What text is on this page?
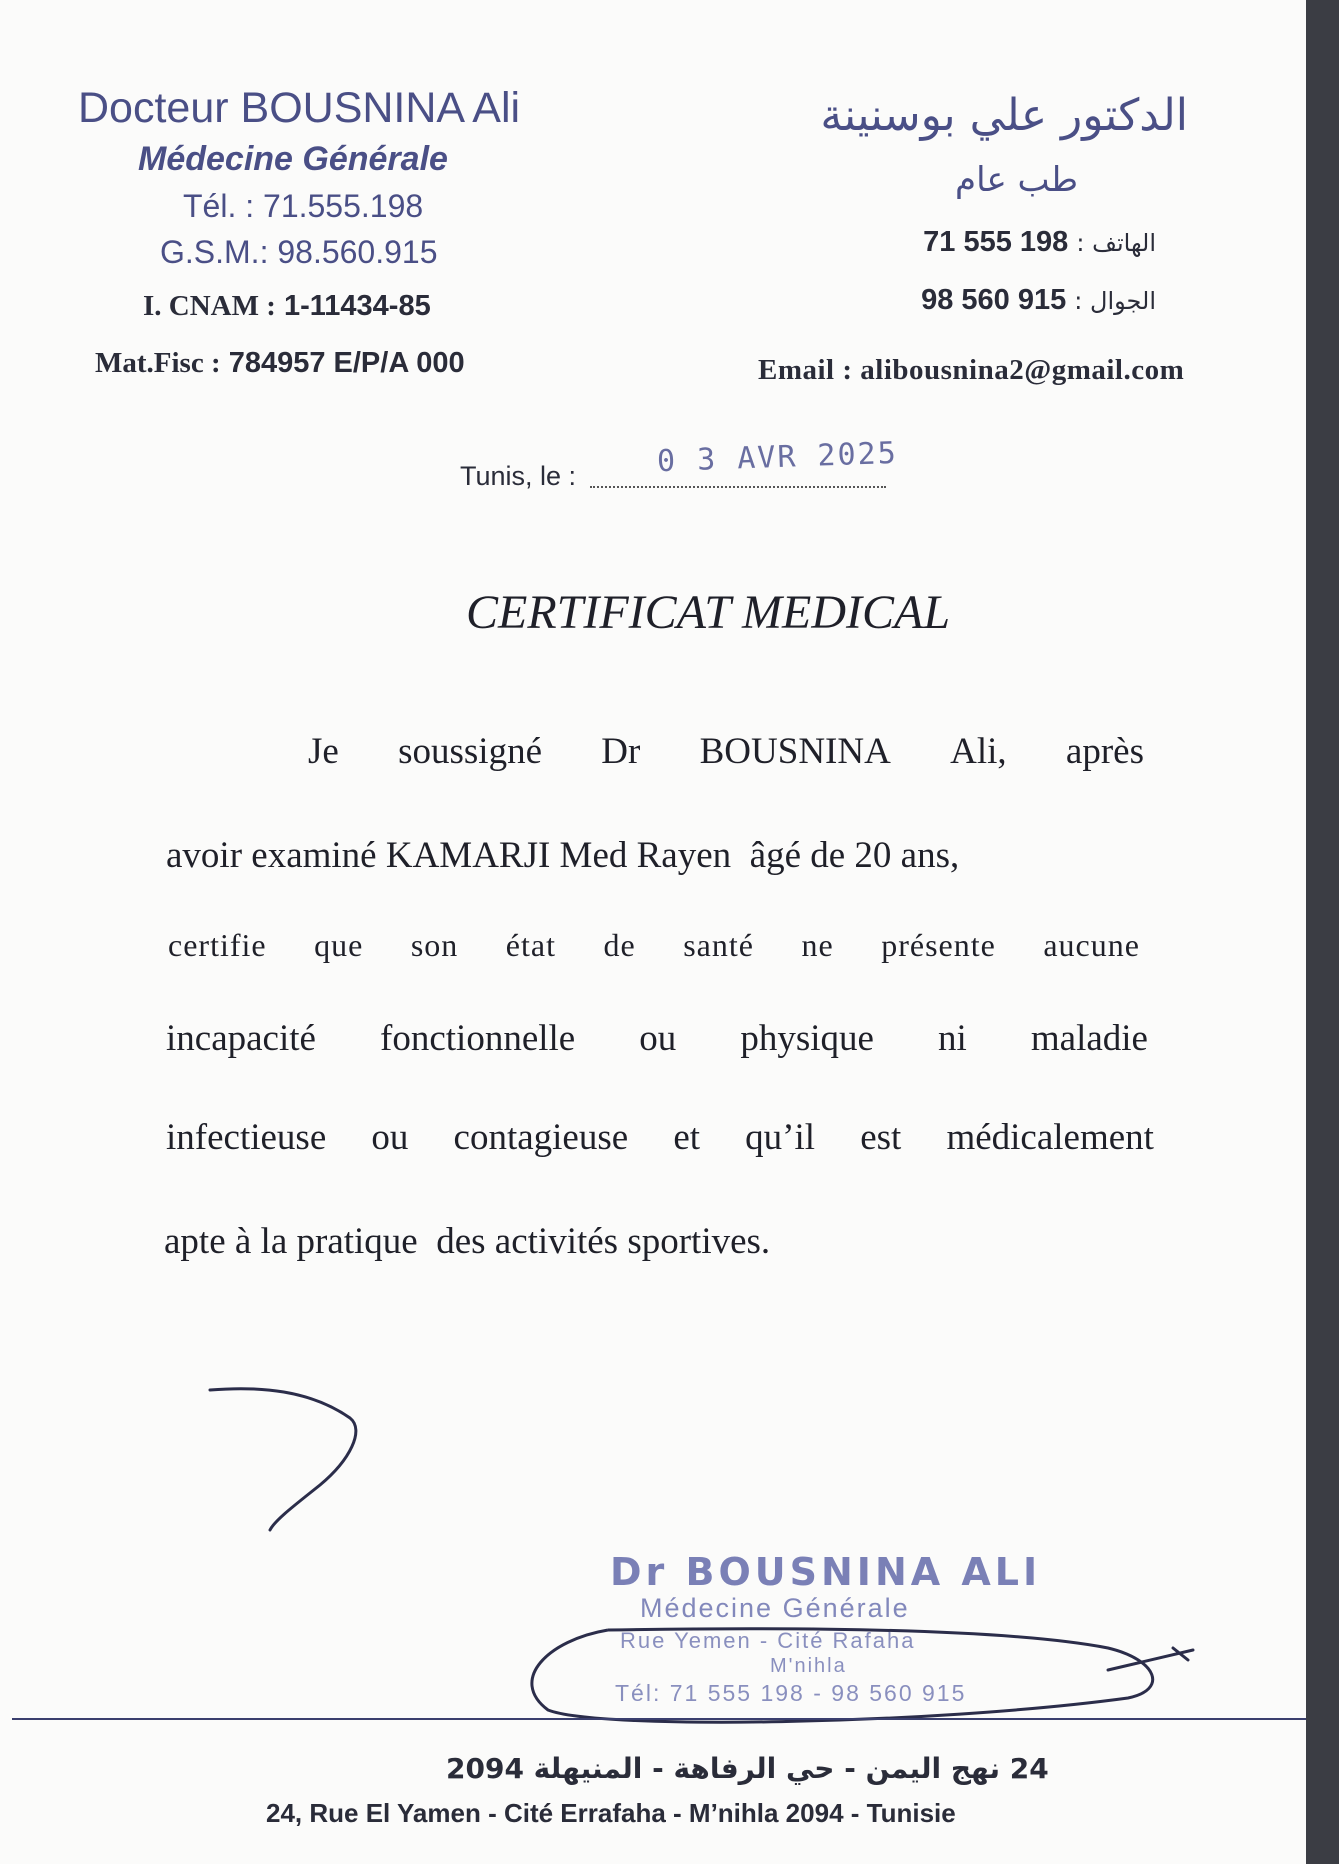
Docteur BOUSNINA Ali
Médecine Générale
Tél. : 71.555.198
G.S.M.: 98.560.915
I. CNAM : 1-11434-85
Mat.Fisc : 784957 E/P/A 000
الدكتور علي بوسنينة
طب عام
71 555 198 : الهاتف
98 560 915 : الجوال
Email : alibousnina2@gmail.com
Tunis, le :	0 3 AVR 2025
CERTIFICAT MEDICAL
Je soussigné Dr BOUSNINA Ali, après
avoir examiné KAMARJI Med Rayen  âgé de 20 ans,
certifie que son état de santé ne présente aucune
incapacité fonctionnelle ou physique ni maladie
infectieuse ou contagieuse et qu’il est médicalement
apte à la pratique  des activités sportives.
Dr BOUSNINA ALI
Médecine Générale
Rue Yemen - Cité Rafaha
M'nihla
Tél: 71 555 198 - 98 560 915
24 نهج اليمن - حي الرفاهة - المنيهلة 2094
24, Rue El Yamen - Cité Errafaha - M’nihla 2094 - Tunisie
